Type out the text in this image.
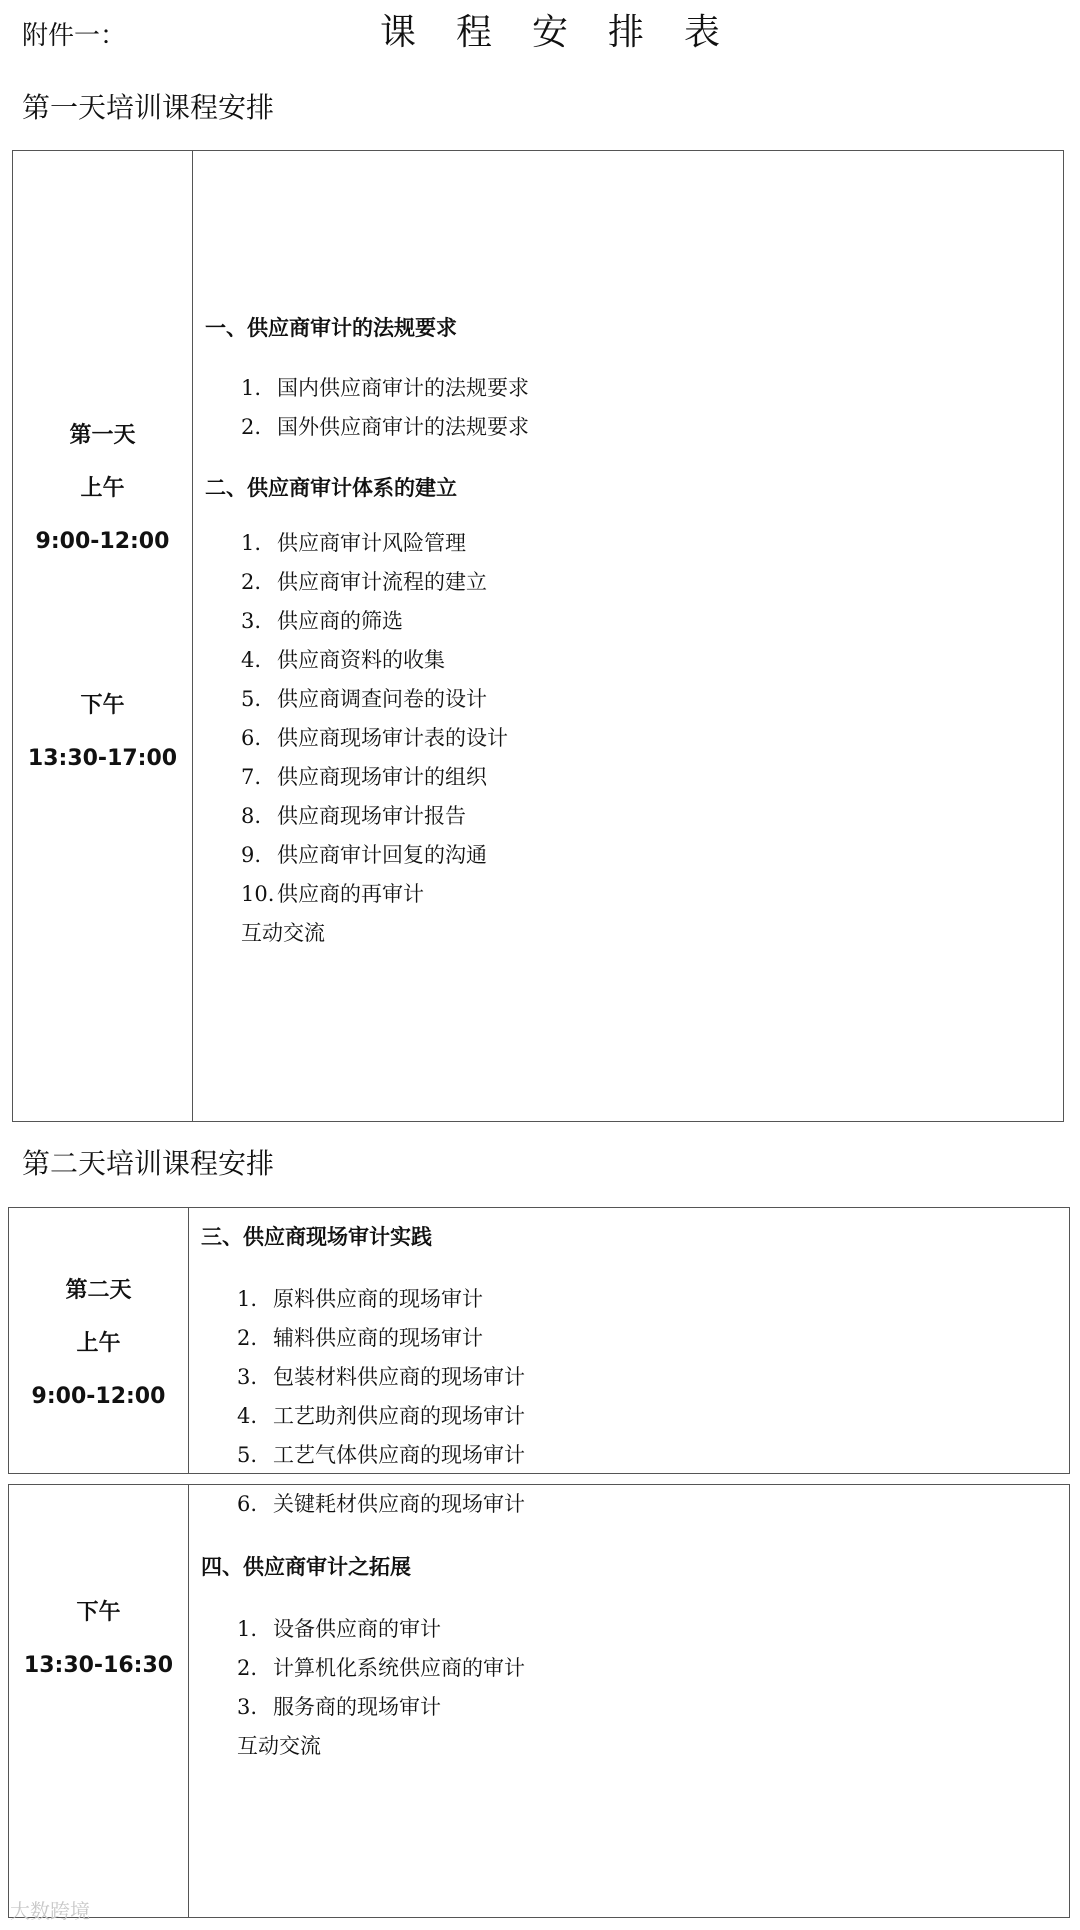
附件一：	课程安排表
第一天培训课程安排
第一天
上午
9:00-12:00
下午
13:30-17:00
一、供应商审计的法规要求
1. 国内供应商审计的法规要求
2. 国外供应商审计的法规要求
二、供应商审计体系的建立
1. 供应商审计风险管理
2. 供应商审计流程的建立
3. 供应商的筛选
4. 供应商资料的收集
5. 供应商调查问卷的设计
6. 供应商现场审计表的设计
7. 供应商现场审计的组织
8. 供应商现场审计报告
9. 供应商审计回复的沟通
10. 供应商的再审计
互动交流
第二天培训课程安排
第二天
上午
9:00-12:00
三、供应商现场审计实践
1. 原料供应商的现场审计
2. 辅料供应商的现场审计
3. 包装材料供应商的现场审计
4. 工艺助剂供应商的现场审计
5. 工艺气体供应商的现场审计
下午
13:30-16:30
6. 关键耗材供应商的现场审计
四、供应商审计之拓展
1. 设备供应商的审计
2. 计算机化系统供应商的审计
3. 服务商的现场审计
互动交流
大数跨境
